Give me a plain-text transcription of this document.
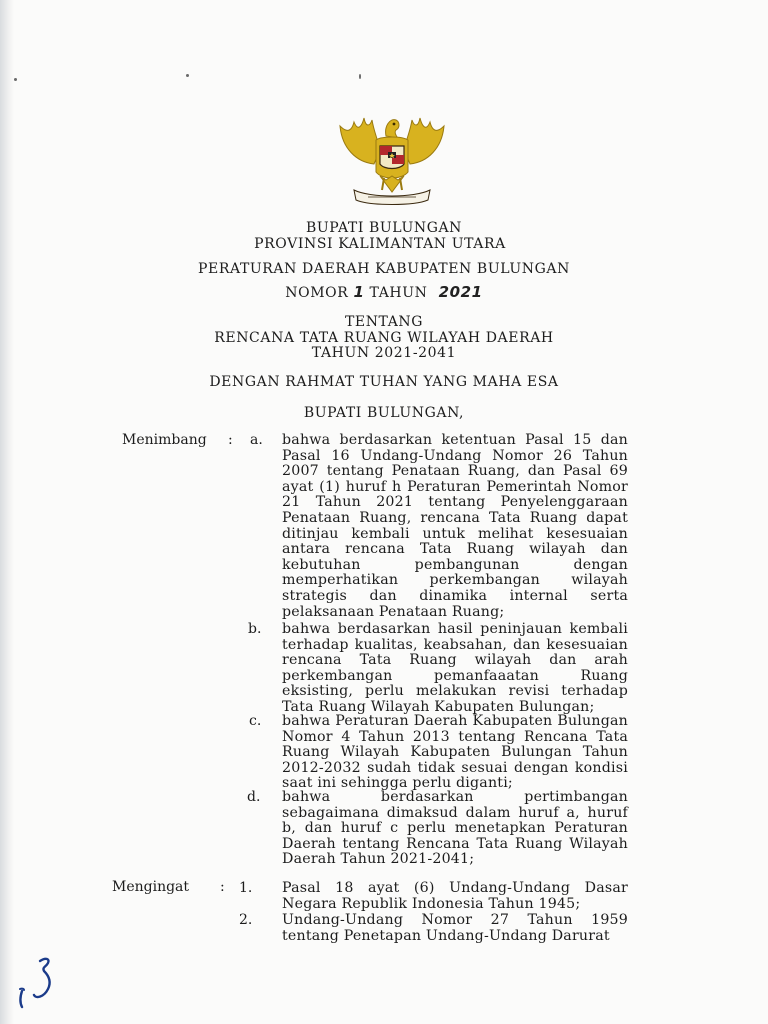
BUPATI BULUNGAN
PROVINSI KALIMANTAN UTARA
PERATURAN DAERAH KABUPATEN BULUNGAN
NOMOR 1 TAHUN 2021
TENTANG
RENCANA TATA RUANG WILAYAH DAERAH
TAHUN 2021-2041
DENGAN RAHMAT TUHAN YANG MAHA ESA
BUPATI BULUNGAN,
Menimbang : a. bahwa berdasarkan ketentuan Pasal 15 dan Pasal 16 Undang-Undang Nomor 26 Tahun 2007 tentang Penataan Ruang, dan Pasal 69 ayat (1) huruf h Peraturan Pemerintah Nomor 21 Tahun 2021 tentang Penyelenggaraan Penataan Ruang, rencana Tata Ruang dapat ditinjau kembali untuk melihat kesesuaian antara rencana Tata Ruang wilayah dan kebutuhan pembangunan dengan memperhatikan perkembangan wilayah strategis dan dinamika internal serta pelaksanaan Penataan Ruang;
b. bahwa berdasarkan hasil peninjauan kembali terhadap kualitas, keabsahan, dan kesesuaian rencana Tata Ruang wilayah dan arah perkembangan pemanfaaatan Ruang eksisting, perlu melakukan revisi terhadap Tata Ruang Wilayah Kabupaten Bulungan;
c. bahwa Peraturan Daerah Kabupaten Bulungan Nomor 4 Tahun 2013 tentang Rencana Tata Ruang Wilayah Kabupaten Bulungan Tahun 2012-2032 sudah tidak sesuai dengan kondisi saat ini sehingga perlu diganti;
d. bahwa berdasarkan pertimbangan sebagaimana dimaksud dalam huruf a, huruf b, dan huruf c perlu menetapkan Peraturan Daerah tentang Rencana Tata Ruang Wilayah Daerah Tahun 2021-2041;
Mengingat : 1. Pasal 18 ayat (6) Undang-Undang Dasar Negara Republik Indonesia Tahun 1945;
2. Undang-Undang Nomor 27 Tahun 1959 tentang Penetapan Undang-Undang Darurat
